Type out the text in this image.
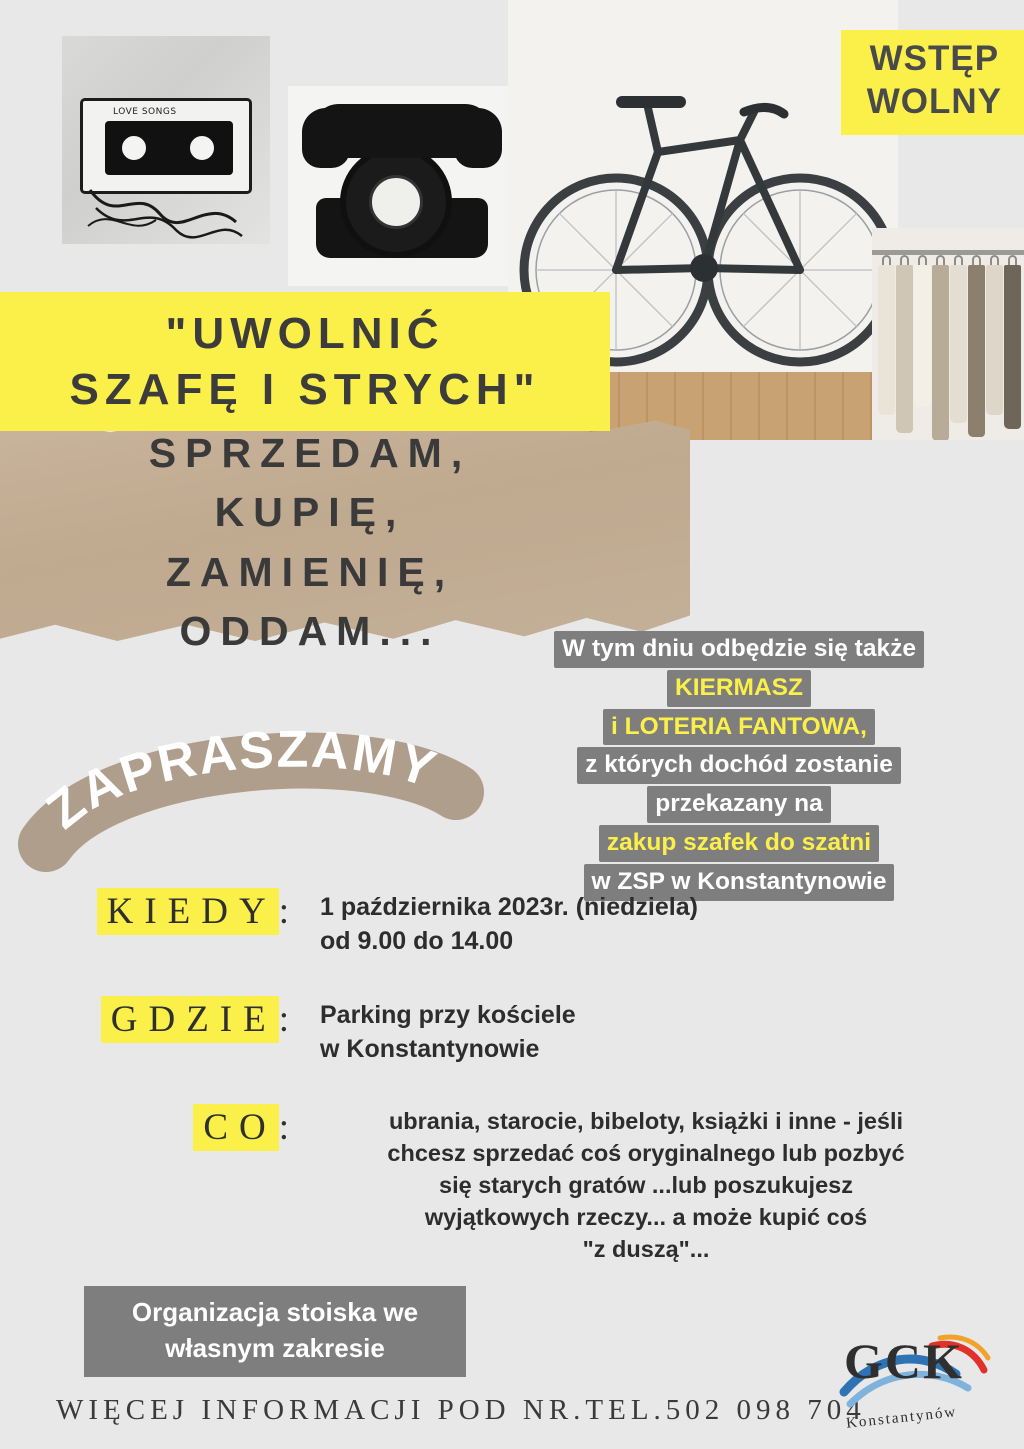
LOVE SONGS
WSTĘP
WOLNY
"UWOLNIĆ
SZAFĘ I STRYCH"
SPRZEDAM,
KUPIĘ,
ZAMIENIĘ,
ODDAM...	W tym dniu odbędzie się także
KIERMASZ
i LOTERIA FANTOWA,
z których dochód zostanie
przekazany na
zakup szafek do szatni
w ZSP w Konstantynowie
ZAPRASZAMY
KIEDY: 1 października 2023r. (niedziela)
od 9.00 do 14.00
GDZIE: Parking przy kościele
w Konstantynowie
CO:	ubrania, starocie, bibeloty, książki i inne - jeśli
chcesz sprzedać coś oryginalnego lub pozbyć
się starych gratów ...lub poszukujesz
wyjątkowych rzeczy... a może kupić coś
"z duszą"...
Organizacja stoiska we
własnym zakresie
WIĘCEJ INFORMACJI POD NR.TEL.502 098 704
GCK
Konstantynów
